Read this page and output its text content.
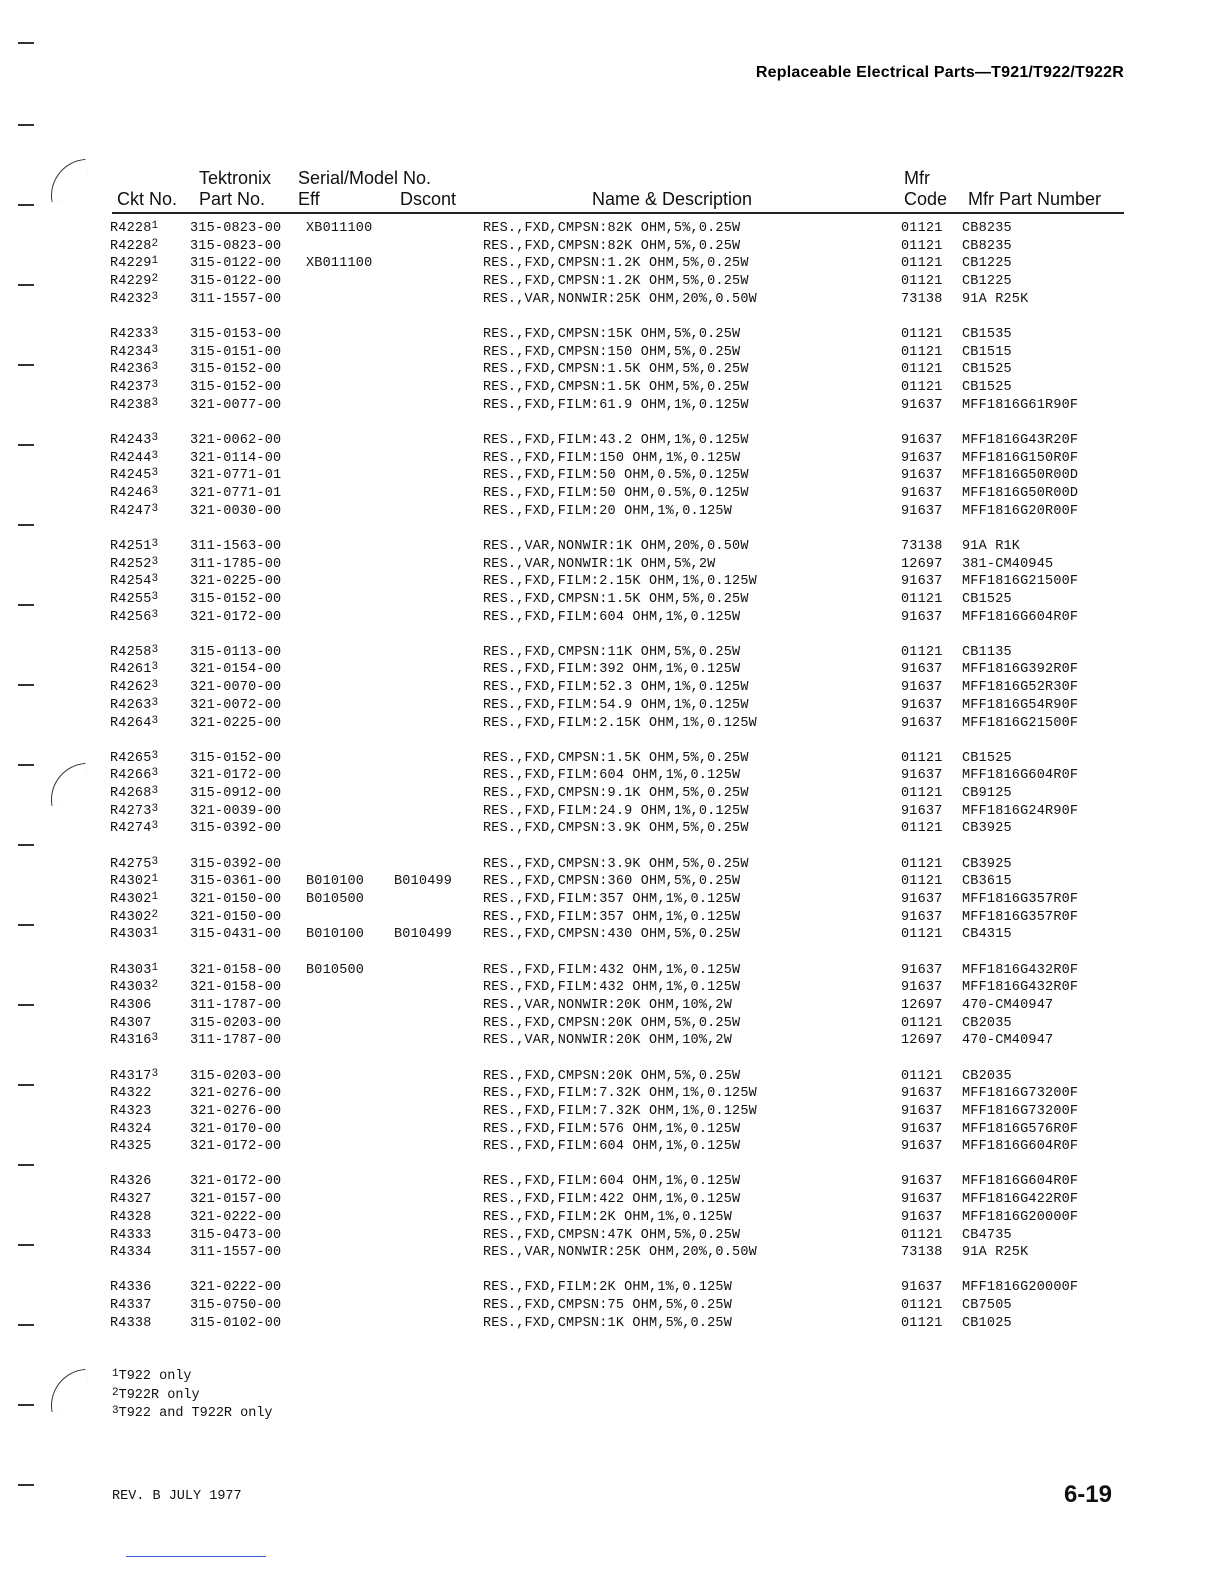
Replaceable Electrical Parts—T921/T922/T922R
Tektronix Serial/Model No.	Mfr
Ckt No. Part No. Eff	Dscont	Name & Description	Code Mfr Part Number
R4228$^1$ 315-0823-00 XB011100	RES.,FXD,CMPSN:82K OHM,5%,0.25W	01121 CB8235
R4228$^2$ 315-0823-00	RES.,FXD,CMPSN:82K OHM,5%,0.25W	01121 CB8235
R4229$^1$ 315-0122-00 XB011100	RES.,FXD,CMPSN:1.2K OHM,5%,0.25W	01121 CB1225
R4229$^2$ 315-0122-00	RES.,FXD,CMPSN:1.2K OHM,5%,0.25W	01121 CB1225
R4232$^3$ 311-1557-00	RES.,VAR,NONWIR:25K OHM,20%,0.50W	73138 91A R25K
R4233$^3$ 315-0153-00	RES.,FXD,CMPSN:15K OHM,5%,0.25W	01121 CB1535
R4234$^3$ 315-0151-00	RES.,FXD,CMPSN:150 OHM,5%,0.25W	01121 CB1515
R4236$^3$ 315-0152-00	RES.,FXD,CMPSN:1.5K OHM,5%,0.25W	01121 CB1525
R4237$^3$ 315-0152-00	RES.,FXD,CMPSN:1.5K OHM,5%,0.25W	01121 CB1525
R4238$^3$ 321-0077-00	RES.,FXD,FILM:61.9 OHM,1%,0.125W	91637 MFF1816G61R90F
R4243$^3$ 321-0062-00	RES.,FXD,FILM:43.2 OHM,1%,0.125W	91637 MFF1816G43R20F
R4244$^3$ 321-0114-00	RES.,FXD,FILM:150 OHM,1%,0.125W	91637 MFF1816G150R0F
R4245$^3$ 321-0771-01	RES.,FXD,FILM:50 OHM,0.5%,0.125W	91637 MFF1816G50R00D
R4246$^3$ 321-0771-01	RES.,FXD,FILM:50 OHM,0.5%,0.125W	91637 MFF1816G50R00D
R4247$^3$ 321-0030-00	RES.,FXD,FILM:20 OHM,1%,0.125W	91637 MFF1816G20R00F
R4251$^3$ 311-1563-00	RES.,VAR,NONWIR:1K OHM,20%,0.50W	73138 91A R1K
R4252$^3$ 311-1785-00	RES.,VAR,NONWIR:1K OHM,5%,2W	12697 381-CM40945
R4254$^3$ 321-0225-00	RES.,FXD,FILM:2.15K OHM,1%,0.125W	91637 MFF1816G21500F
R4255$^3$ 315-0152-00	RES.,FXD,CMPSN:1.5K OHM,5%,0.25W	01121 CB1525
R4256$^3$ 321-0172-00	RES.,FXD,FILM:604 OHM,1%,0.125W	91637 MFF1816G604R0F
R4258$^3$ 315-0113-00	RES.,FXD,CMPSN:11K OHM,5%,0.25W	01121 CB1135
R4261$^3$ 321-0154-00	RES.,FXD,FILM:392 OHM,1%,0.125W	91637 MFF1816G392R0F
R4262$^3$ 321-0070-00	RES.,FXD,FILM:52.3 OHM,1%,0.125W	91637 MFF1816G52R30F
R4263$^3$ 321-0072-00	RES.,FXD,FILM:54.9 OHM,1%,0.125W	91637 MFF1816G54R90F
R4264$^3$ 321-0225-00	RES.,FXD,FILM:2.15K OHM,1%,0.125W	91637 MFF1816G21500F
R4265$^3$ 315-0152-00	RES.,FXD,CMPSN:1.5K OHM,5%,0.25W	01121 CB1525
R4266$^3$ 321-0172-00	RES.,FXD,FILM:604 OHM,1%,0.125W	91637 MFF1816G604R0F
R4268$^3$ 315-0912-00	RES.,FXD,CMPSN:9.1K OHM,5%,0.25W	01121 CB9125
R4273$^3$ 321-0039-00	RES.,FXD,FILM:24.9 OHM,1%,0.125W	91637 MFF1816G24R90F
R4274$^3$ 315-0392-00	RES.,FXD,CMPSN:3.9K OHM,5%,0.25W	01121 CB3925
R4275$^3$ 315-0392-00	RES.,FXD,CMPSN:3.9K OHM,5%,0.25W	01121 CB3925
R4302$^1$ 315-0361-00 B010100 B010499 RES.,FXD,CMPSN:360 OHM,5%,0.25W	01121 CB3615
R4302$^1$ 321-0150-00 B010500	RES.,FXD,FILM:357 OHM,1%,0.125W	91637 MFF1816G357R0F
R4302$^2$ 321-0150-00	RES.,FXD,FILM:357 OHM,1%,0.125W	91637 MFF1816G357R0F
R4303$^1$ 315-0431-00 B010100 B010499 RES.,FXD,CMPSN:430 OHM,5%,0.25W	01121 CB4315
R4303$^1$ 321-0158-00 B010500	RES.,FXD,FILM:432 OHM,1%,0.125W	91637 MFF1816G432R0F
R4303$^2$ 321-0158-00	RES.,FXD,FILM:432 OHM,1%,0.125W	91637 MFF1816G432R0F
R4306	311-1787-00	RES.,VAR,NONWIR:20K OHM,10%,2W	12697 470-CM40947
R4307	315-0203-00	RES.,FXD,CMPSN:20K OHM,5%,0.25W	01121 CB2035
R4316$^3$ 311-1787-00	RES.,VAR,NONWIR:20K OHM,10%,2W	12697 470-CM40947
R4317$^3$ 315-0203-00	RES.,FXD,CMPSN:20K OHM,5%,0.25W	01121 CB2035
R4322	321-0276-00	RES.,FXD,FILM:7.32K OHM,1%,0.125W	91637 MFF1816G73200F
R4323	321-0276-00	RES.,FXD,FILM:7.32K OHM,1%,0.125W	91637 MFF1816G73200F
R4324	321-0170-00	RES.,FXD,FILM:576 OHM,1%,0.125W	91637 MFF1816G576R0F
R4325	321-0172-00	RES.,FXD,FILM:604 OHM,1%,0.125W	91637 MFF1816G604R0F
R4326	321-0172-00	RES.,FXD,FILM:604 OHM,1%,0.125W	91637 MFF1816G604R0F
R4327	321-0157-00	RES.,FXD,FILM:422 OHM,1%,0.125W	91637 MFF1816G422R0F
R4328	321-0222-00	RES.,FXD,FILM:2K OHM,1%,0.125W	91637 MFF1816G20000F
R4333	315-0473-00	RES.,FXD,CMPSN:47K OHM,5%,0.25W	01121 CB4735
R4334	311-1557-00	RES.,VAR,NONWIR:25K OHM,20%,0.50W	73138 91A R25K
R4336	321-0222-00	RES.,FXD,FILM:2K OHM,1%,0.125W	91637 MFF1816G20000F
R4337	315-0750-00	RES.,FXD,CMPSN:75 OHM,5%,0.25W	01121 CB7505
R4338	315-0102-00	RES.,FXD,CMPSN:1K OHM,5%,0.25W	01121 CB1025
$^1$T922 only
$^2$T922R only
$^3$T922 and T922R only
REV. B JULY 1977	6-19
